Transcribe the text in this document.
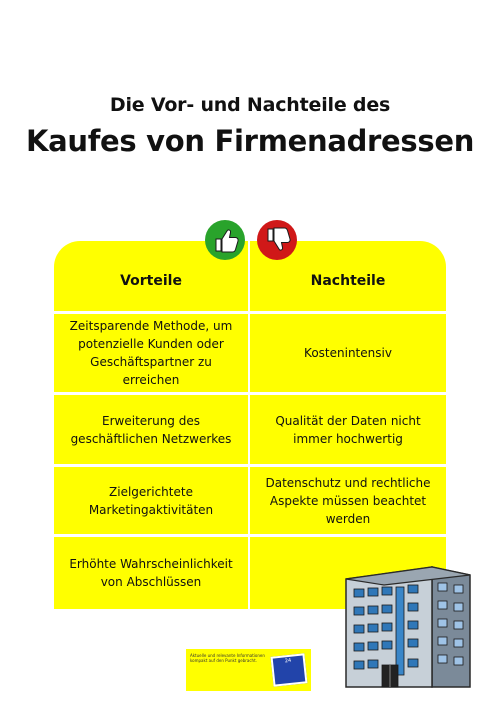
Die Vor- und Nachteile des
Kaufes von Firmenadressen
Vorteile	Nachteile
Zeitsparende Methode, um potenzielle Kunden oder Geschäftspartner zu erreichen
Kostenintensiv
Erweiterung des geschäftlichen Netzwerkes
Qualität der Daten nicht immer hochwertig
Zielgerichtete Marketingaktivitäten
Datenschutz und rechtliche Aspekte müssen beachtet werden
Erhöhte Wahrscheinlichkeit von Abschlüssen
Aktuelle und relevante Informationen kompakt auf den Punkt gebracht.	24
